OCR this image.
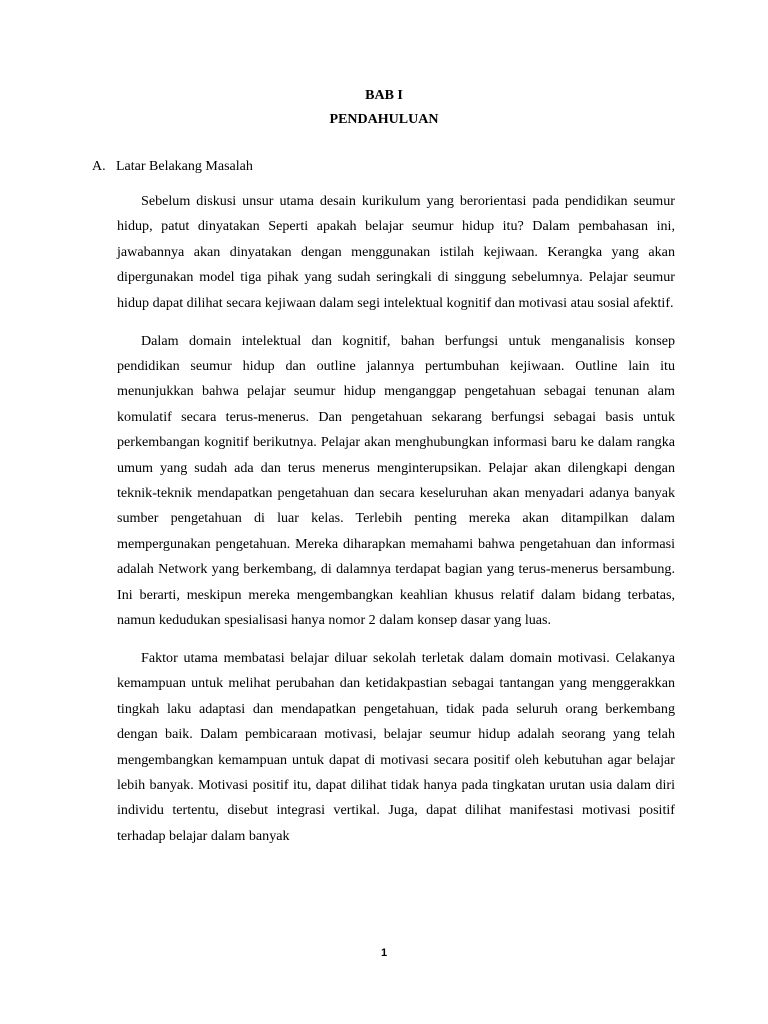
BAB I
PENDAHULUAN
A. Latar Belakang Masalah

Sebelum diskusi unsur utama desain kurikulum yang berorientasi pada pendidikan seumur hidup, patut dinyatakan Seperti apakah belajar seumur hidup itu? Dalam pembahasan ini, jawabannya akan dinyatakan dengan menggunakan istilah kejiwaan. Kerangka yang akan dipergunakan model tiga pihak yang sudah seringkali di singgung sebelumnya. Pelajar seumur hidup dapat dilihat secara kejiwaan dalam segi intelektual kognitif dan motivasi atau sosial afektif.

Dalam domain intelektual dan kognitif, bahan berfungsi untuk menganalisis konsep pendidikan seumur hidup dan outline jalannya pertumbuhan kejiwaan. Outline lain itu menunjukkan bahwa pelajar seumur hidup menganggap pengetahuan sebagai tenunan alam komulatif secara terus-menerus. Dan pengetahuan sekarang berfungsi sebagai basis untuk perkembangan kognitif berikutnya. Pelajar akan menghubungkan informasi baru ke dalam rangka umum yang sudah ada dan terus menerus menginterupsikan. Pelajar akan dilengkapi dengan teknik-teknik mendapatkan pengetahuan dan secara keseluruhan akan menyadari adanya banyak sumber pengetahuan di luar kelas. Terlebih penting mereka akan ditampilkan dalam mempergunakan pengetahuan. Mereka diharapkan memahami bahwa pengetahuan dan informasi adalah Network yang berkembang, di dalamnya terdapat bagian yang terus-menerus bersambung. Ini berarti, meskipun mereka mengembangkan keahlian khusus relatif dalam bidang terbatas, namun kedudukan spesialisasi hanya nomor 2 dalam konsep dasar yang luas.

Faktor utama membatasi belajar diluar sekolah terletak dalam domain motivasi. Celakanya kemampuan untuk melihat perubahan dan ketidakpastian sebagai tantangan yang menggerakkan tingkah laku adaptasi dan mendapatkan pengetahuan, tidak pada seluruh orang berkembang dengan baik. Dalam pembicaraan motivasi, belajar seumur hidup adalah seorang yang telah mengembangkan kemampuan untuk dapat di motivasi secara positif oleh kebutuhan agar belajar lebih banyak. Motivasi positif itu, dapat dilihat tidak hanya pada tingkatan urutan usia dalam diri individu tertentu, disebut integrasi vertikal. Juga, dapat dilihat manifestasi motivasi positif terhadap belajar dalam banyak

1
